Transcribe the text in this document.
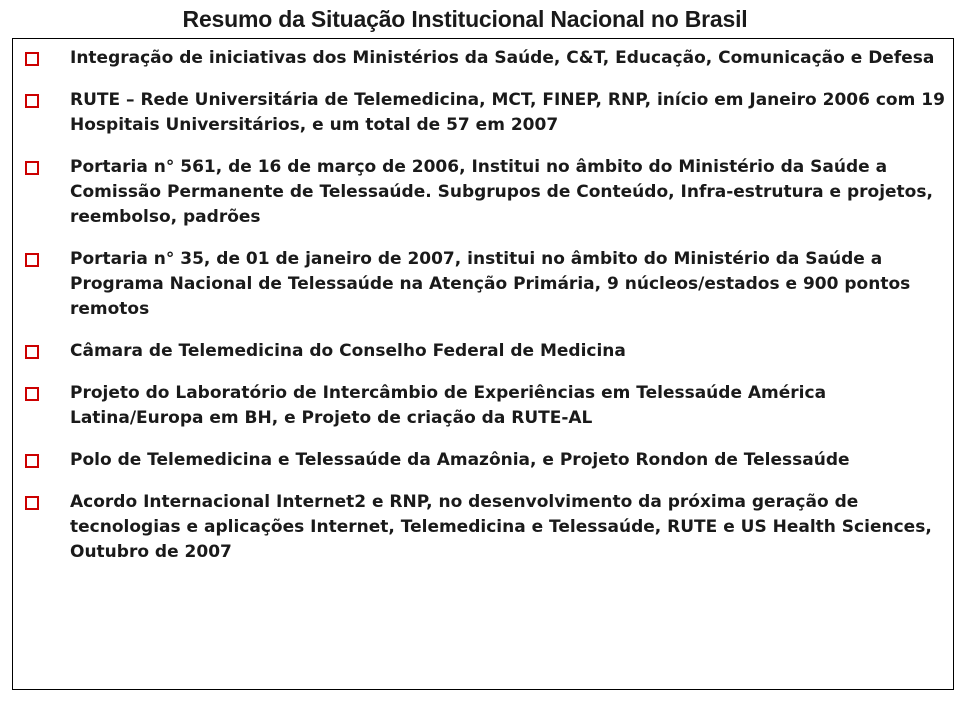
Resumo da Situação Institucional Nacional no Brasil
Integração de iniciativas dos Ministérios da Saúde, C&T, Educação, Comunicação e Defesa
RUTE – Rede Universitária de Telemedicina, MCT, FINEP, RNP, início em Janeiro 2006 com 19 Hospitais Universitários, e um total de 57 em 2007
Portaria n° 561, de 16 de março de 2006, Institui no âmbito do Ministério da Saúde a Comissão Permanente de Telessaúde. Subgrupos de Conteúdo, Infra-estrutura e projetos, reembolso, padrões
Portaria n° 35, de 01 de janeiro de 2007, institui no âmbito do Ministério da Saúde a Programa Nacional de Telessaúde na Atenção Primária, 9 núcleos/estados e 900 pontos remotos
Câmara de Telemedicina do Conselho Federal de Medicina
Projeto do Laboratório de Intercâmbio de Experiências em Telessaúde América Latina/Europa em BH, e Projeto de criação da RUTE-AL
Polo de Telemedicina e Telessaúde da Amazônia, e Projeto Rondon de Telessaúde
Acordo Internacional Internet2 e RNP, no desenvolvimento da próxima geração de tecnologias e aplicações Internet, Telemedicina e Telessaúde, RUTE e US Health Sciences, Outubro de 2007
